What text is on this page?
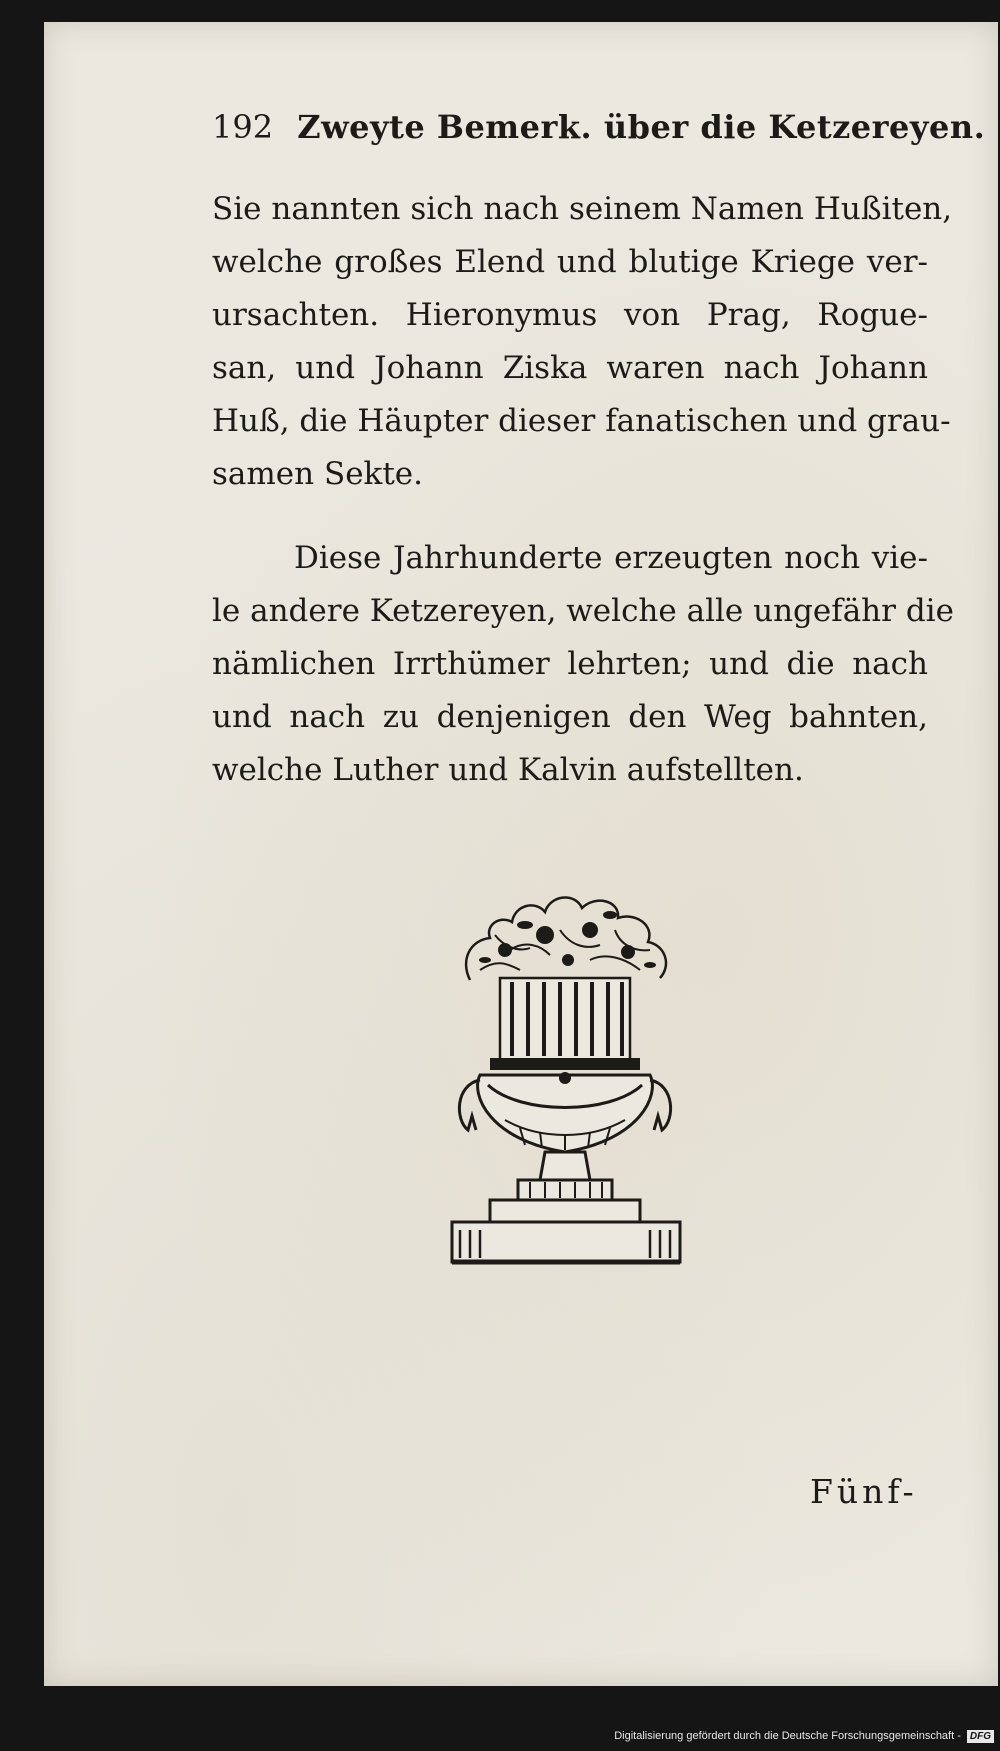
192 Zweyte Bemerk. über die Ketzereyen.
Sie nannten sich nach seinem Namen Hußiten,
welche großes Elend und blutige Kriege ver-
ursachten. Hieronymus von Prag, Rogue-
san, und Johann Ziska waren nach Johann
Huß, die Häupter dieser fanatischen und grau-
samen Sekte.
Diese Jahrhunderte erzeugten noch vie-
le andere Ketzereyen, welche alle ungefähr die
nämlichen Irrthümer lehrten; und die nach
und nach zu denjenigen den Weg bahnten,
welche Luther und Kalvin aufstellten.
Fünf-
Digitalisierung gefördert durch die Deutsche Forschungsgemeinschaft - DFG
